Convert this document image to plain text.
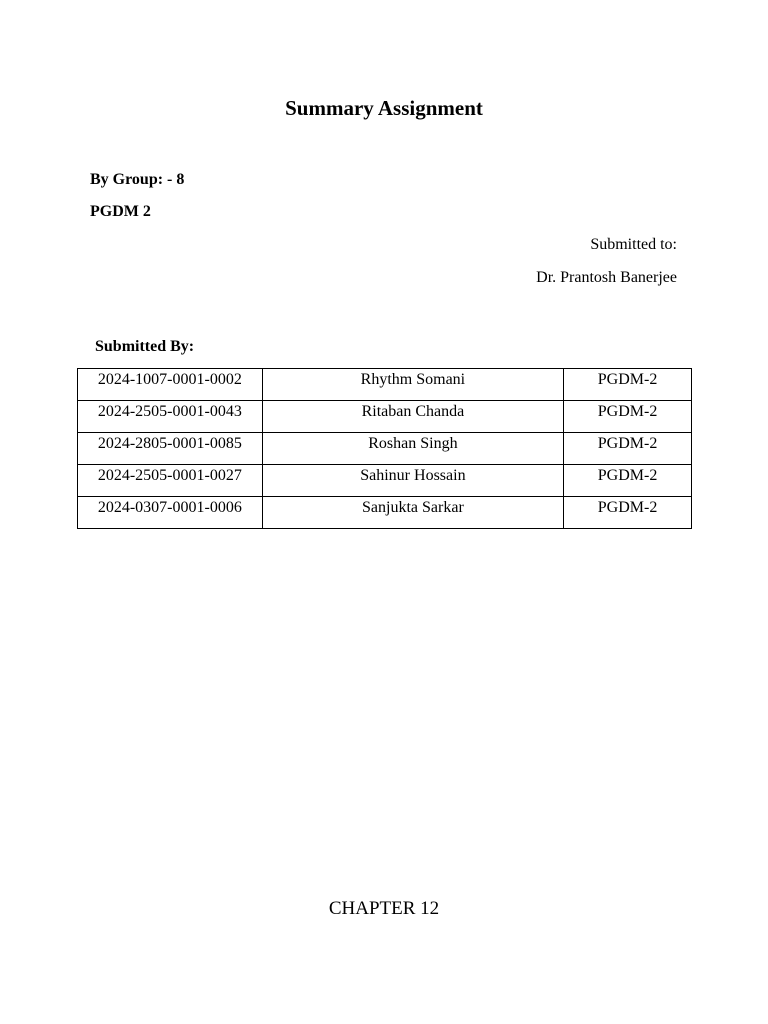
Summary Assignment
By Group: - 8
PGDM 2
Submitted to:
Dr. Prantosh Banerjee
Submitted By:
2024-1007-0001-0002	Rhythm Somani	PGDM-2
2024-2505-0001-0043	Ritaban Chanda	PGDM-2
2024-2805-0001-0085	Roshan Singh	PGDM-2
2024-2505-0001-0027	Sahinur Hossain	PGDM-2
2024-0307-0001-0006	Sanjukta Sarkar	PGDM-2
CHAPTER 12
